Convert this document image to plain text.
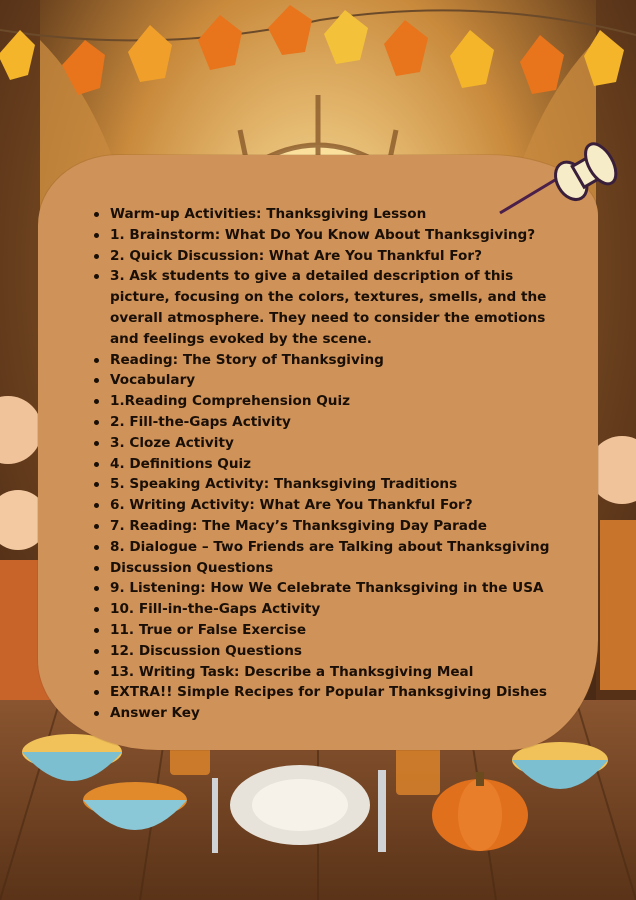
Warm-up Activities: Thanksgiving Lesson
1. Brainstorm: What Do You Know About Thanksgiving?
2. Quick Discussion: What Are You Thankful For?
3. Ask students to give a detailed description of this picture, focusing on the colors, textures, smells, and the overall atmosphere. They need to consider the emotions and feelings evoked by the scene.
Reading: The Story of Thanksgiving
Vocabulary
1.Reading Comprehension Quiz
2. Fill-the-Gaps Activity
3. Cloze Activity
4. Definitions Quiz
5. Speaking Activity: Thanksgiving Traditions
6. Writing Activity: What Are You Thankful For?
7. Reading: The Macy’s Thanksgiving Day Parade
8. Dialogue – Two Friends are Talking about Thanksgiving
Discussion Questions
9. Listening: How We Celebrate Thanksgiving in the USA
10. Fill-in-the-Gaps Activity
11. True or False Exercise
12. Discussion Questions
13. Writing Task: Describe a Thanksgiving Meal
EXTRA!! Simple Recipes for Popular Thanksgiving Dishes
Answer Key
